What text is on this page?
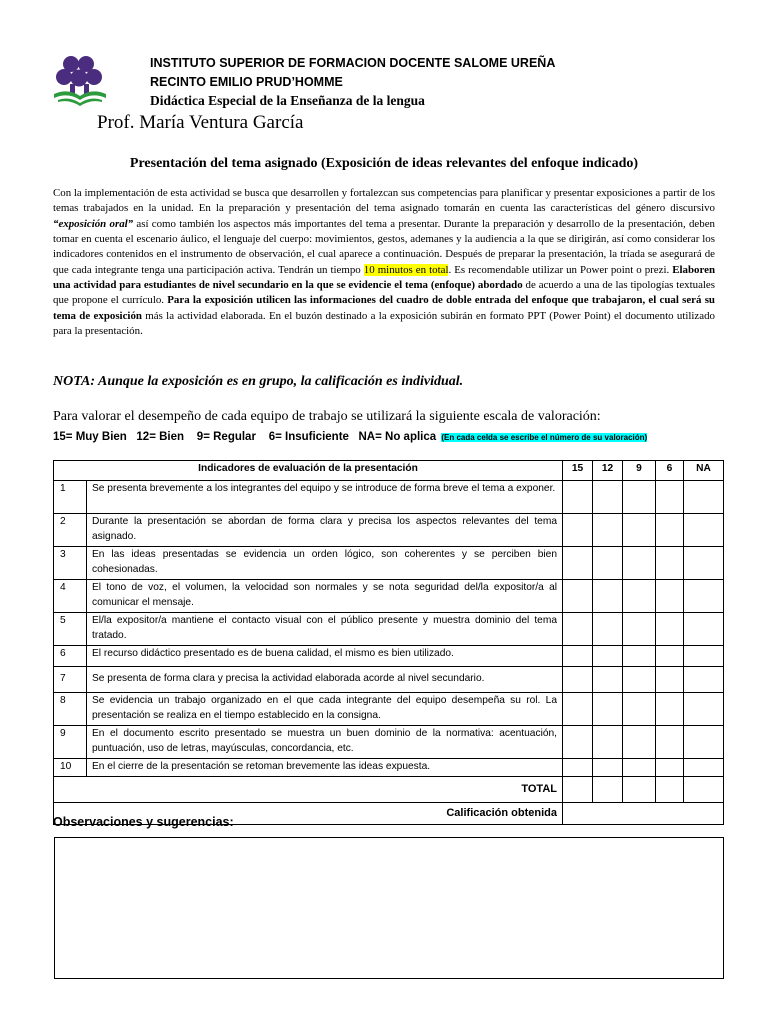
INSTITUTO SUPERIOR DE FORMACION DOCENTE SALOME UREÑA
RECINTO EMILIO PRUD’HOMME
Didáctica Especial de la Enseñanza de la lengua
Prof. María Ventura García
Presentación del tema asignado (Exposición de ideas relevantes del enfoque indicado)
Con la implementación de esta actividad se busca que desarrollen y fortalezcan sus competencias para planificar y presentar exposiciones a partir de los temas trabajados en la unidad. En la preparación y presentación del tema asignado tomarán en cuenta las características del género discursivo “exposición oral” así como también los aspectos más importantes del tema a presentar. Durante la preparación y desarrollo de la presentación, deben tomar en cuenta el escenario áulico, el lenguaje del cuerpo: movimientos, gestos, ademanes y la audiencia a la que se dirigirán, así como considerar los indicadores contenidos en el instrumento de observación, el cual aparece a continuación. Después de preparar la presentación, la tríada se asegurará de que cada integrante tenga una participación activa. Tendrán un tiempo 10 minutos en total. Es recomendable utilizar un Power point o prezi. Elaboren una actividad para estudiantes de nivel secundario en la que se evidencie el tema (enfoque) abordado de acuerdo a una de las tipologías textuales que propone el currículo. Para la exposición utilicen las informaciones del cuadro de doble entrada del enfoque que trabajaron, el cual será su tema de exposición más la actividad elaborada. En el buzón destinado a la exposición subirán en formato PPT (Power Point) el documento utilizado para la presentación.
NOTA: Aunque la exposición es en grupo, la calificación es individual.
Para valorar el desempeño de cada equipo de trabajo se utilizará la siguiente escala de valoración:
15= Muy Bien   12= Bien    9= Regular    6= Insuficiente   NA= No aplica (En cada celda se escribe el número de su valoración)
Indicadores de evaluación de la presentación		15	12	9	6	NA
1	Se presenta brevemente a los integrantes del equipo y se introduce de forma breve el tema a exponer.					
2	Durante la presentación se abordan de forma clara y precisa los aspectos relevantes del tema asignado.					
3	En las ideas presentadas se evidencia un orden lógico, son coherentes y se perciben bien cohesionadas.					
4	El tono de voz, el volumen, la velocidad son normales y se nota seguridad del/la expositor/a al comunicar el mensaje.					
5	El/la expositor/a mantiene el contacto visual con el público presente y muestra dominio del tema tratado.					
6	El recurso didáctico presentado es de buena calidad, el mismo es bien utilizado.					
7	Se presenta de forma clara y precisa la actividad elaborada acorde al nivel secundario.					
8	Se evidencia un trabajo organizado en el que cada integrante del equipo desempeña su rol. La presentación se realiza en el tiempo establecido en la consigna.					
9	En el documento escrito presentado se muestra un buen dominio de la normativa: acentuación, puntuación, uso de letras, mayúsculas, concordancia, etc.					
10	En el cierre de la presentación se retoman brevemente las ideas expuesta.					
TOTAL						
Calificación obtenida						
Observaciones y sugerencias:
